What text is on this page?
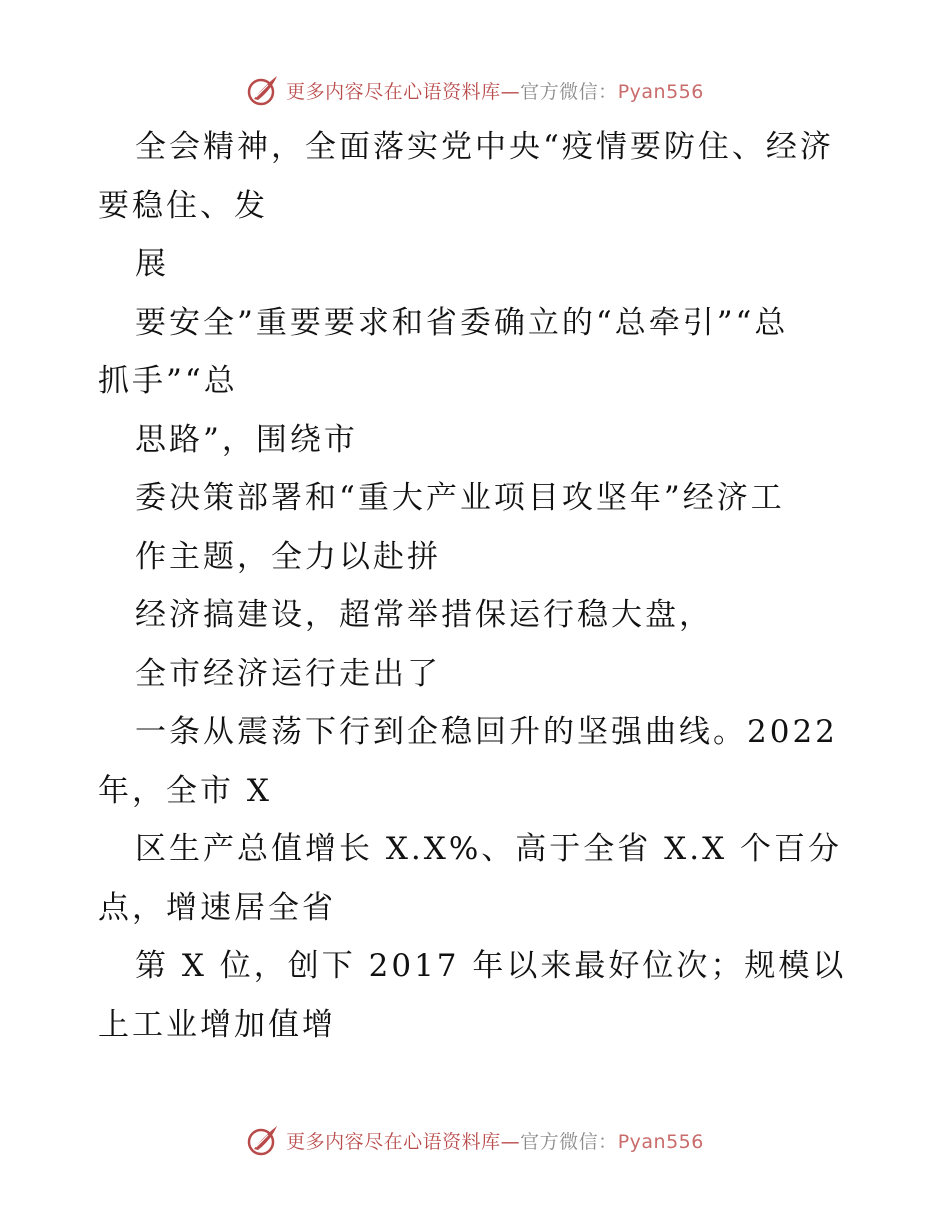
更多内容尽在心语资料库—官方微信：Pyan556
全会精神，全面落实党中央“疫情要防住、经济
要稳住、发
展
要安全”重要要求和省委确立的“总牵引”“总
抓手”“总
思路”，围绕市
委决策部署和“重大产业项目攻坚年”经济工
作主题，全力以赴拼
经济搞建设，超常举措保运行稳大盘，
全市经济运行走出了
一条从震荡下行到企稳回升的坚强曲线。2022
年，全市 X
区生产总值增长 X.X%、高于全省 X.X 个百分
点，增速居全省
第 X 位，创下 2017 年以来最好位次；规模以
上工业增加值增
更多内容尽在心语资料库—官方微信：Pyan556
